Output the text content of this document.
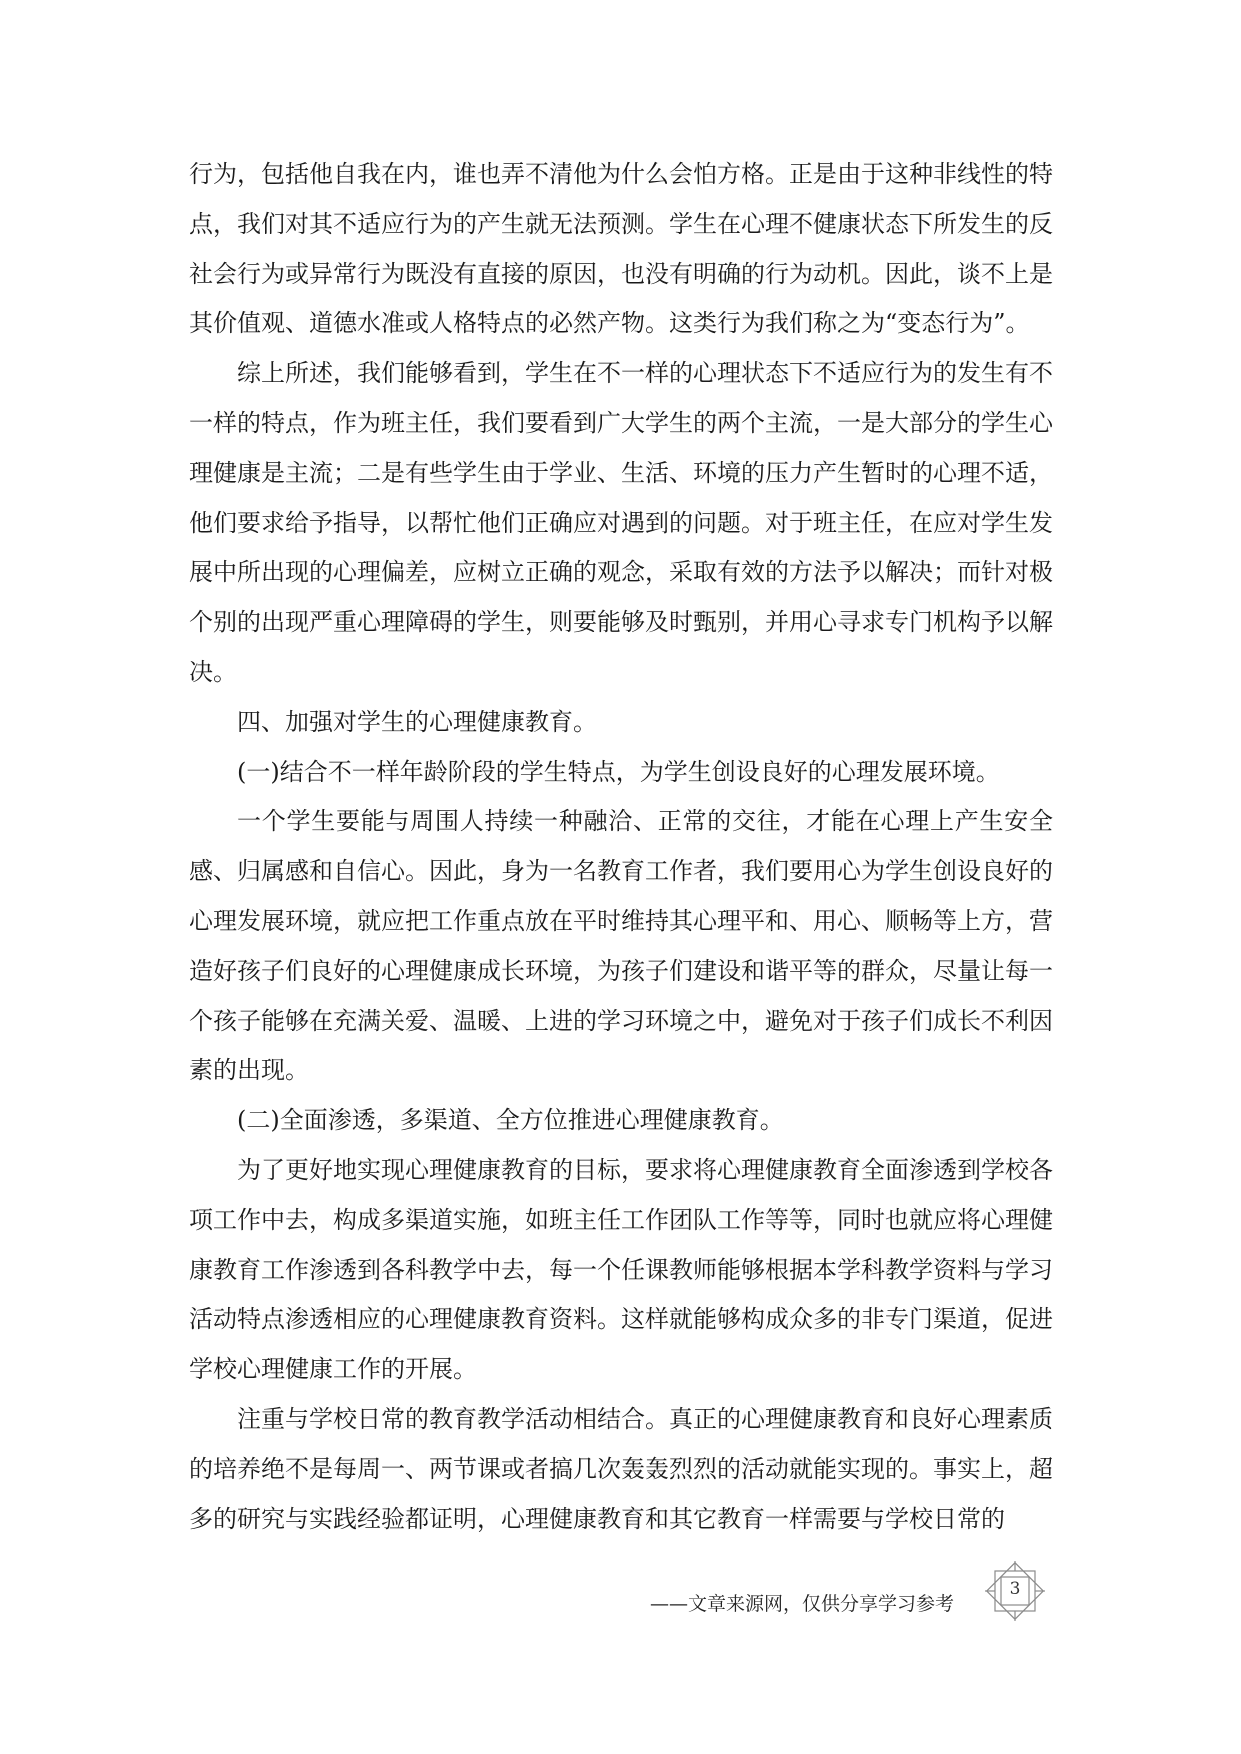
行为，包括他自我在内，谁也弄不清他为什么会怕方格。正是由于这种非线性的特点，我们对其不适应行为的产生就无法预测。学生在心理不健康状态下所发生的反社会行为或异常行为既没有直接的原因，也没有明确的行为动机。因此，谈不上是其价值观、道德水准或人格特点的必然产物。这类行为我们称之为“变态行为”。

综上所述，我们能够看到，学生在不一样的心理状态下不适应行为的发生有不一样的特点，作为班主任，我们要看到广大学生的两个主流，一是大部分的学生心理健康是主流；二是有些学生由于学业、生活、环境的压力产生暂时的心理不适，他们要求给予指导，以帮忙他们正确应对遇到的问题。对于班主任，在应对学生发展中所出现的心理偏差，应树立正确的观念，采取有效的方法予以解决；而针对极个别的出现严重心理障碍的学生，则要能够及时甄别，并用心寻求专门机构予以解决。

四、加强对学生的心理健康教育。

(一)结合不一样年龄阶段的学生特点，为学生创设良好的心理发展环境。

一个学生要能与周围人持续一种融洽、正常的交往，才能在心理上产生安全感、归属感和自信心。因此，身为一名教育工作者，我们要用心为学生创设良好的心理发展环境，就应把工作重点放在平时维持其心理平和、用心、顺畅等上方，营造好孩子们良好的心理健康成长环境，为孩子们建设和谐平等的群众，尽量让每一个孩子能够在充满关爱、温暖、上进的学习环境之中，避免对于孩子们成长不利因素的出现。

(二)全面渗透，多渠道、全方位推进心理健康教育。

为了更好地实现心理健康教育的目标，要求将心理健康教育全面渗透到学校各项工作中去，构成多渠道实施，如班主任工作团队工作等等，同时也就应将心理健康教育工作渗透到各科教学中去，每一个任课教师能够根据本学科教学资料与学习活动特点渗透相应的心理健康教育资料。这样就能够构成众多的非专门渠道，促进学校心理健康工作的开展。

注重与学校日常的教育教学活动相结合。真正的心理健康教育和良好心理素质的培养绝不是每周一、两节课或者搞几次轰轰烈烈的活动就能实现的。事实上，超多的研究与实践经验都证明，心理健康教育和其它教育一样需要与学校日常的

——文章来源网，仅供分享学习参考
3
